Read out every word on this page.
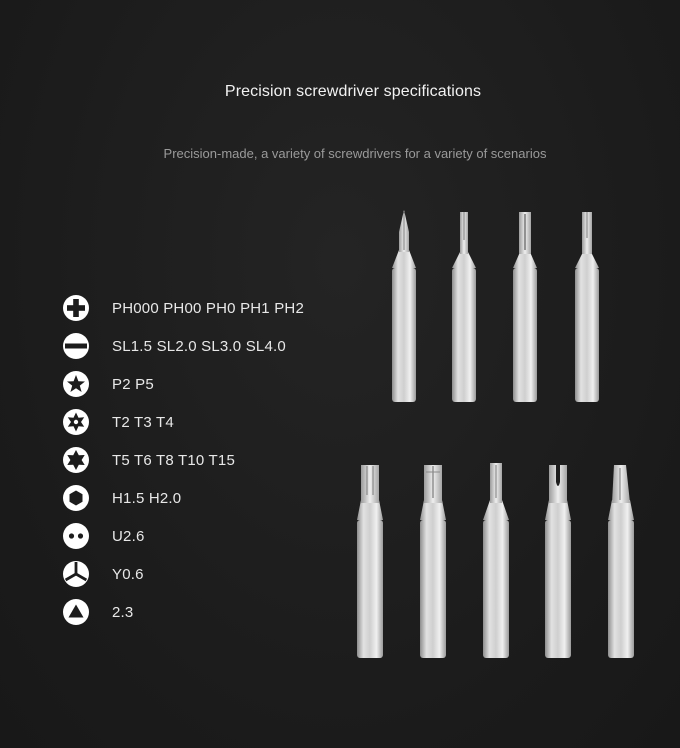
Precision screwdriver specifications
Precision-made, a variety of screwdrivers for a variety of scenarios
PH000 PH00 PH0 PH1 PH2
SL1.5 SL2.0 SL3.0 SL4.0
P2 P5
T2 T3 T4
T5 T6 T8 T10 T15
H1.5 H2.0
U2.6
Y0.6
2.3
